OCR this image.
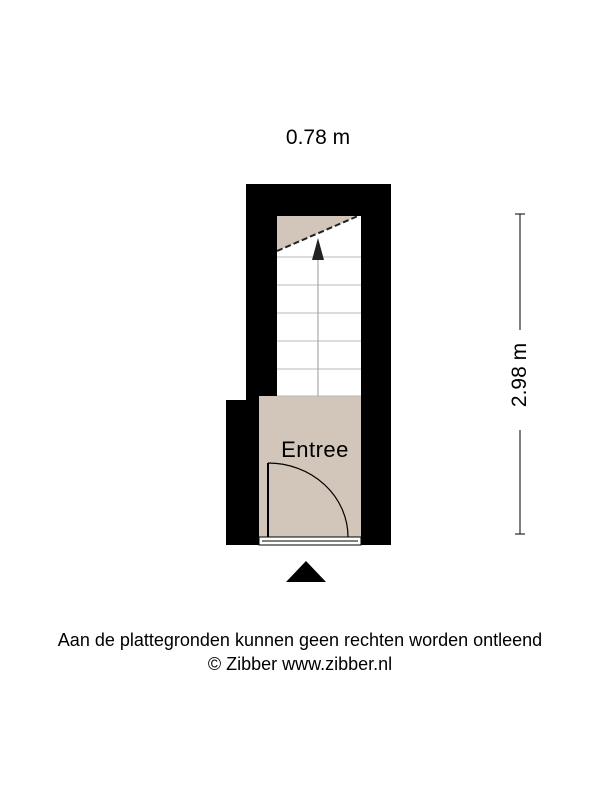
0.78 m
2.98 m
Entree
Aan de plattegronden kunnen geen rechten worden ontleend
© Zibber www.zibber.nl
